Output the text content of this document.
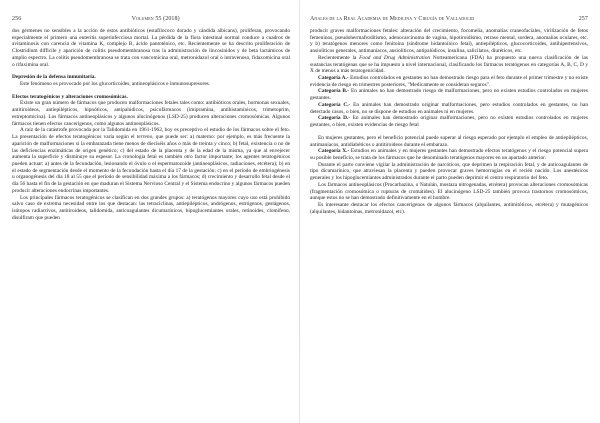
256	Volumen 55 (2018)

dos gérmenes no sensibles a la acción de estos antibióticos (estafilococo dorado y cándida albicans), proliferan, provocando especialmente el primero una enteritis superinfecciosa mortal. La pérdida de la flora intestinal normal conduce a cuadros de avitaminosis con carencia de vitamina K, complejo B, ácido pantoténico, etc. Recientemente se ha descrito proliferación de Clostridium difficile y aparición de colitis pseudomembranosa tras la administración de lincosínidos y de beta lactámicos de amplio espectro. La colitis pseudomembranosa se trata con vancomicina oral, metronidazol oral o intravenoso, fidaxomicina oral o rifaximina oral.

Depresión de la defensa inmunitaria.

Este fenómeno es provocado por los glucorticoides, antineoplásicos e inmunosupresores.

Efectos teratogénicos y alteraciones cromosómicas.

Existe un gran número de fármacos que producen malformaciones fetales tales como: antibióticos orales, hormonas sexuales, antitiroideos, antiepilépticos, hipnóticos, antipalúdicos, psicofármacos (imipramina, antihistamínicos, trimetoprim, estreptomicina). Los fármacos antineoplásicos y algunos alucinógenos (LSD-25) producen alteraciones cromosómicas. Algunos fármacos tienen efectos cancerígenos, como algunos antineoplásicos.

A raíz de la catástrofe provocada por la Talidomida en 1961-1962, hoy es preceptivo el estudio de los fármacos sobre el feto. La presentación de efectos teratogénicos varía según el terreno, que puede ser: a) materno: por ejemplo, es más frecuente la aparición de malformaciones si la embarazada tiene menos de dieciséis años o más de treinta y cinco; b) fetal, existencia o no de las deficiencias enzimáticas de origen genético; c) del estado de la placenta y de la edad de la misma, ya que al envejecer aumenta la superficie y disminuye su espesor. La cronología fetal es también otro factor importante; los agentes teratogénicos pueden actuar: a) antes de la fecundación, lesionando el óvulo o el espermatozoide (antineoplásicos, radiaciones, etcétera); b) en el estado de segmentación desde el momento de la fecundación hasta el día 17 de la gestación; c) en el período de embriogénesis u organogénesis del día 18 al 55 que el período de sensibilidad máxima a los fármacos; d) crecimiento y desarrollo fetal desde el día 56 hasta el fin de la gestación en que maduran el Sistema Nervioso Central y el Sistema endocrino y algunos fármacos pueden producir alteraciones endocrinas importantes.

Los principales fármacos teratogénicos se clasifican en dos grandes grupos: a) teratógenos mayores cuyo uso está prohibido salvo caso de extrema necesidad entre los que destacan: las tetraciclinas, antiepilépticos, andrógenos, estrógenos, gestágenos, isótopos radiactivos, antitiroideos, talidomida, anticoagulantes dicumarínicos, hipoglucemiantes orales, retinoides, clomifeno, disulfiram que pueden

Anales de la Real Academia de Medicina y Cirugía de Valladolid	257

producir graves malformaciones fetales: alteración del crecimiento, focomelia, anomalías craneofaciales, virilización de fetos femeninos, pseudohermafroditismo, adenocarcinoma de vagina, hipotiroidismo, retraso mental, sordera, anomalías oculares, etc. y b) teratógenos menores como fenitoína (síndrome hidantoínico fetal), antiepilépticos, glucocorticoides, antihipertensivos, ansiolíticos generales, antimaníacos, ansiolíticos, antipalúdicos, insulina, salicilatos, diuréticos, etc.

Recientemente la Food and Drug Administration Norteamericana (FDA) ha propuesto una nueva clasificación de las sustancias teratógenas que se ha impuesto a nivel internacional, clasificando los fármacos teratógenos en categorías A, B, C, D y X de menos a más teratogenicidad.

Categoría A.- Estudios controlados en gestantes no han demostrado riesgo para el feto durante el primer trimestre y no existe evidencia de riesgo en trimestres posteriores, "Medicamente se consideran seguros".

Categoría B.- En animales no han demostrado riesgo de malformaciones, pero no existen estudios controlados en mujeres gestantes.

Categoría C.- En animales han demostrado originar malformaciones, pero estudios controlados en gestantes, no han detectado casos, o bien, no se dispone de estudios en animales ni en mujeres.

Categoría D.- En animales han demostrado originar malformaciones, pero no existen estudios controlados en mujeres gestantes, o bien, existen evidencias de riesgo fetal

En mujeres gestantes, pero el beneficio potencial puede superar al riesgo esperado por ejemplo el empleo de antiepilépticos, antimaníacos, antidiabéticos o antitiroideos durante el embarazo.

Categoría X.- Estudios en animales y en mujeres gestantes han demostrado efectos teratógenos y el riesgo potencial supera su posible beneficio, se trata de los fármacos que he denominado teratógenos mayores en un apartado anterior.

Durante el parto conviene vigilar la administración de narcóticos, que deprimen la respiración fetal, y de anticoagulantes de tipo dicumarínico, que atraviesan la placenta y pueden provocar graves hemorragias en el recién nacido. Los anestésicos generales y los hipoglucemiantes administrados durante el parto pueden deprimir el centro respiratorio del feto.

Los fármacos antineoplásicos (Procarbazina, o Natulán, mostaza nitrogenadas, etcétera) provocan alteraciones cromosómicas (fragmentación cromosómica o rupturas de cromátides). El alucinógeno LSD-25 también provoca trastornos cromosómicos, aunque estos no se han demostrado definitivamente en el hombre.

Es interesante destacar los efectos cancerígenos de algunos fármacos (alquilantes, antimitóticos, etcétera) y mutagénicos (alquilantes, hidantoínas, metronidazol, etc).
